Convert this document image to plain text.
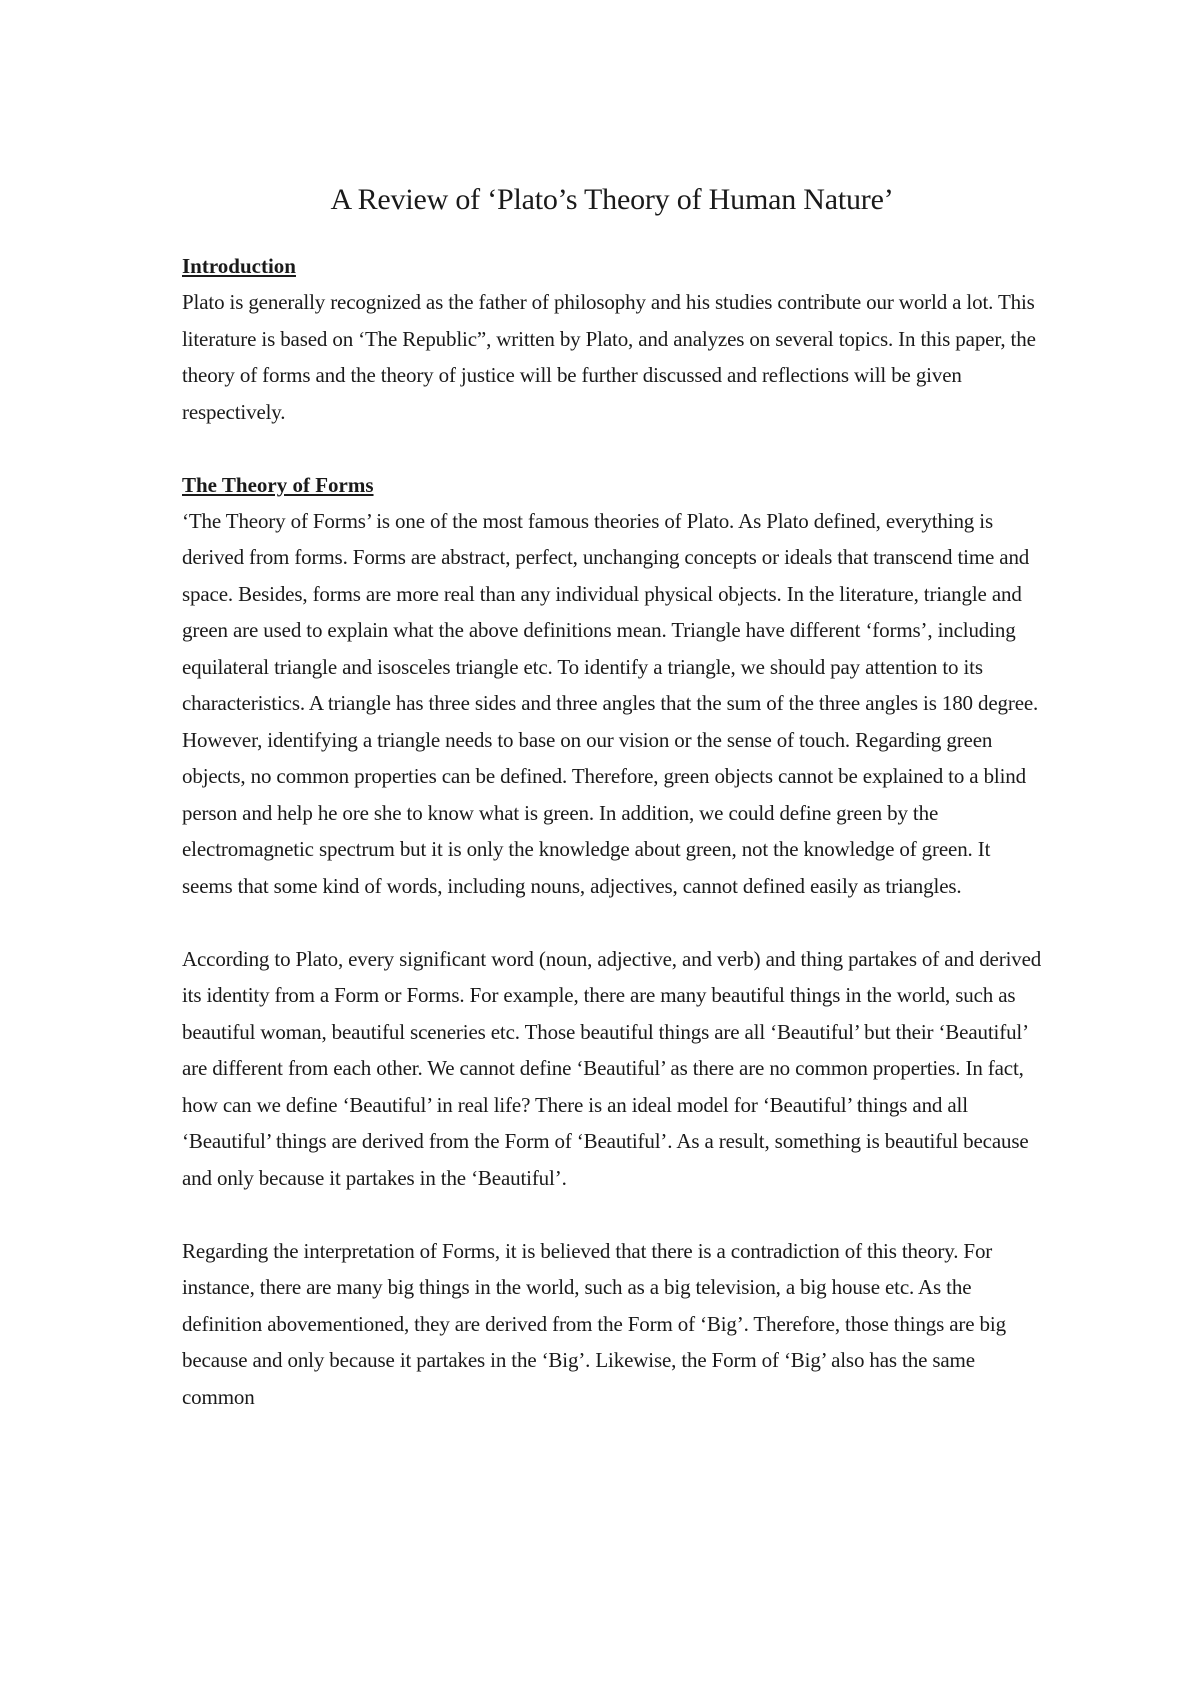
A Review of ‘Plato’s Theory of Human Nature’

Introduction

Plato is generally recognized as the father of philosophy and his studies contribute our world a lot. This literature is based on ‘The Republic”, written by Plato, and analyzes on several topics. In this paper, the theory of forms and the theory of justice will be further discussed and reflections will be given respectively.

The Theory of Forms

‘The Theory of Forms’ is one of the most famous theories of Plato. As Plato defined, everything is derived from forms. Forms are abstract, perfect, unchanging concepts or ideals that transcend time and space. Besides, forms are more real than any individual physical objects. In the literature, triangle and green are used to explain what the above definitions mean. Triangle have different ‘forms’, including equilateral triangle and isosceles triangle etc. To identify a triangle, we should pay attention to its characteristics. A triangle has three sides and three angles that the sum of the three angles is 180 degree. However, identifying a triangle needs to base on our vision or the sense of touch. Regarding green objects, no common properties can be defined. Therefore, green objects cannot be explained to a blind person and help he ore she to know what is green. In addition, we could define green by the electromagnetic spectrum but it is only the knowledge about green, not the knowledge of green. It seems that some kind of words, including nouns, adjectives, cannot defined easily as triangles.

According to Plato, every significant word (noun, adjective, and verb) and thing partakes of and derived its identity from a Form or Forms. For example, there are many beautiful things in the world, such as beautiful woman, beautiful sceneries etc. Those beautiful things are all ‘Beautiful’ but their ‘Beautiful’ are different from each other. We cannot define ‘Beautiful’ as there are no common properties. In fact, how can we define ‘Beautiful’ in real life? There is an ideal model for ‘Beautiful’ things and all ‘Beautiful’ things are derived from the Form of ‘Beautiful’. As a result, something is beautiful because and only because it partakes in the ‘Beautiful’.

Regarding the interpretation of Forms, it is believed that there is a contradiction of this theory. For instance, there are many big things in the world, such as a big television, a big house etc. As the definition abovementioned, they are derived from the Form of ‘Big’. Therefore, those things are big because and only because it partakes in the ‘Big’. Likewise, the Form of ‘Big’ also has the same common
